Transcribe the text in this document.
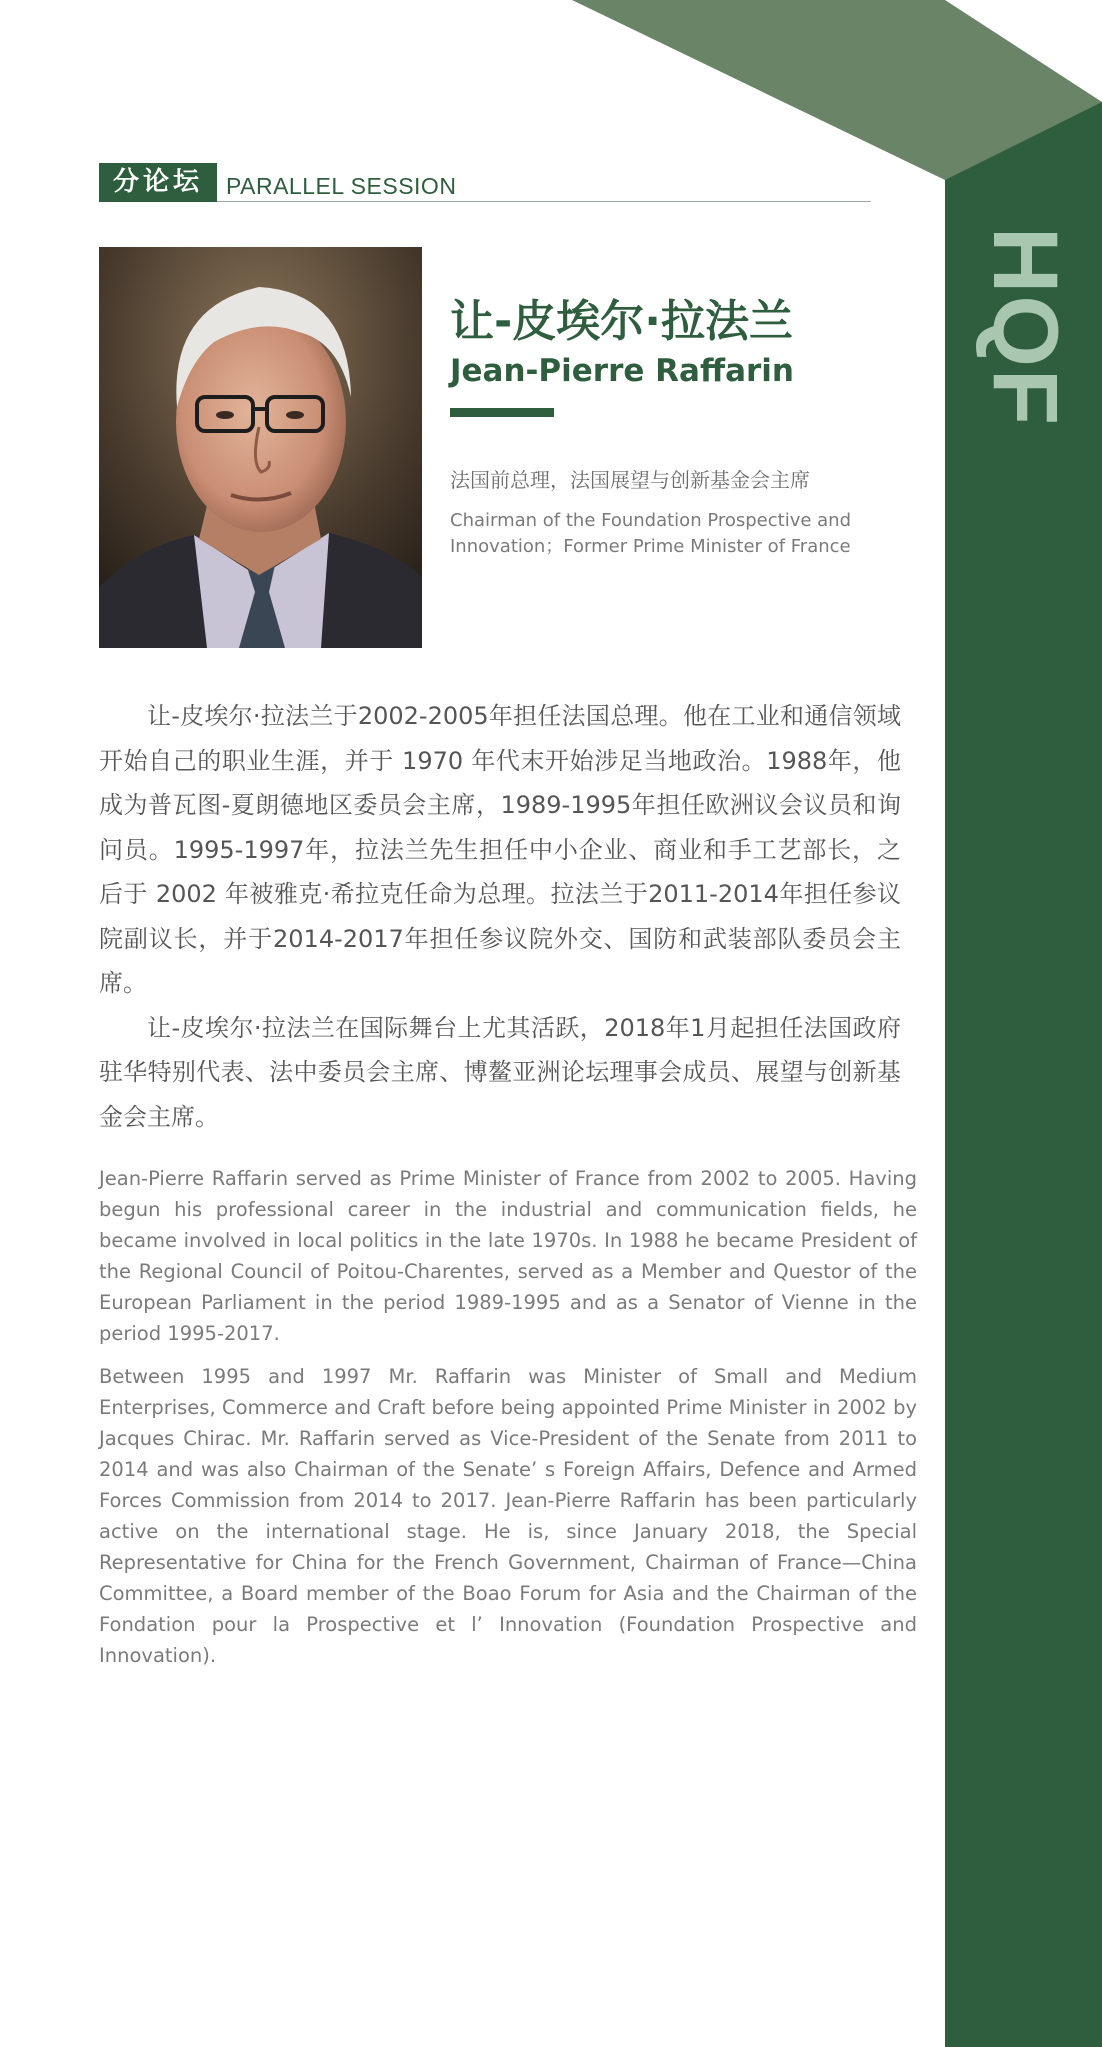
HQF
分论坛	PARALLEL SESSION
让-皮埃尔·拉法兰
Jean-Pierre Raffarin
法国前总理，法国展望与创新基金会主席
Chairman of the Foundation Prospective and Innovation；Former Prime Minister of France

让-皮埃尔·拉法兰于2002-2005年担任法国总理。他在工业和通信领域开始自己的职业生涯，并于 1970 年代末开始涉足当地政治。1988年，他成为普瓦图-夏朗德地区委员会主席，1989-1995年担任欧洲议会议员和询问员。1995-1997年，拉法兰先生担任中小企业、商业和手工艺部长，之后于 2002 年被雅克·希拉克任命为总理。拉法兰于2011-2014年担任参议院副议长，并于2014-2017年担任参议院外交、国防和武装部队委员会主席。

让-皮埃尔·拉法兰在国际舞台上尤其活跃，2018年1月起担任法国政府驻华特别代表、法中委员会主席、博鳌亚洲论坛理事会成员、展望与创新基金会主席。

Jean-Pierre Raffarin served as Prime Minister of France from 2002 to 2005. Having begun his professional career in the industrial and communication fields, he became involved in local politics in the late 1970s. In 1988 he became President of the Regional Council of Poitou-Charentes, served as a Member and Questor of the European Parliament in the period 1989-1995 and as a Senator of Vienne in the period 1995-2017.

Between 1995 and 1997 Mr. Raffarin was Minister of Small and Medium Enterprises, Commerce and Craft before being appointed Prime Minister in 2002 by Jacques Chirac. Mr. Raffarin served as Vice-President of the Senate from 2011 to 2014 and was also Chairman of the Senate’ s Foreign Affairs, Defence and Armed Forces Commission from 2014 to 2017. Jean-Pierre Raffarin has been particularly active on the international stage. He is, since January 2018, the Special Representative for China for the French Government, Chairman of France—China Committee, a Board member of the Boao Forum for Asia and the Chairman of the Fondation pour la Prospective et l’ Innovation (Foundation Prospective and Innovation).
